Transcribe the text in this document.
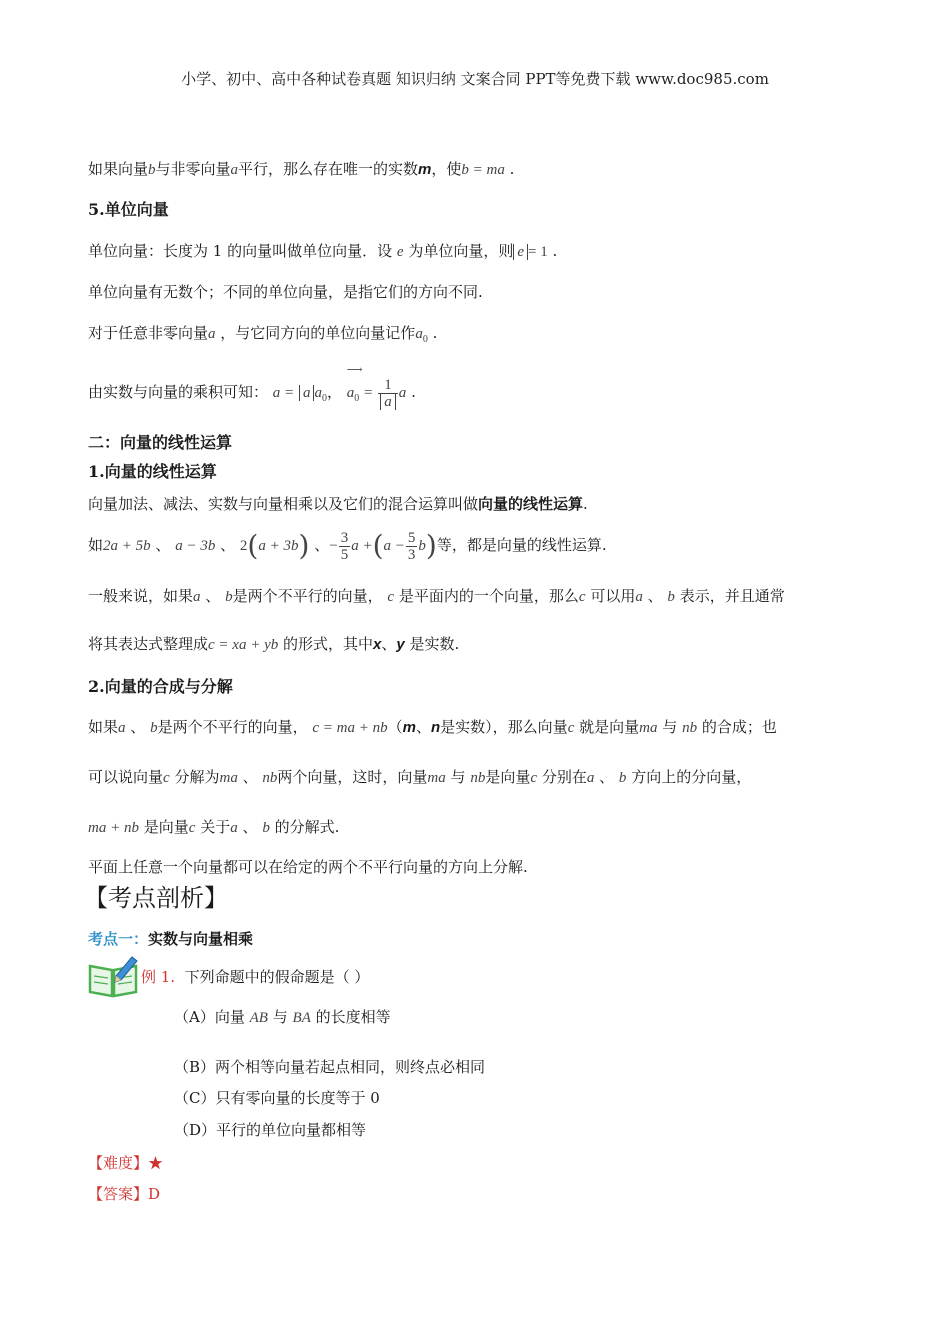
小学、初中、高中各种试卷真题 知识归纳 文案合同 PPT等免费下载 www.doc985.com
如果向量b与非零向量a平行，那么存在唯一的实数m，使b = ma .
5.单位向量
单位向量：长度为 1 的向量叫做单位向量．设 e 为单位向量，则 e = 1 .
单位向量有无数个；不同的单位向量，是指它们的方向不同.
对于任意非零向量a ，与它同方向的单位向量记作$a_0$ .
由实数与向量的乘积可知： a = a $a_0$，
⟶
$a_0 = \frac{1}{a}$ a .
二：向量的线性运算
1.向量的线性运算
向量加法、减法、实数与向量相乘以及它们的混合运算叫做向量的线性运算.
如2a + 5b 、 a − 3b 、 2(a + 3b) 、− $\frac{3}{5}$ $a +(a - \frac{5}{3} b)$等，都是向量的线性运算.
一般来说，如果a 、 b是两个不平行的向量， c 是平面内的一个向量，那么c 可以用a 、 b 表示，并且通常
将其表达式整理成c = xa + yb 的形式，其中x、y 是实数.
2.向量的合成与分解
如果a 、 b是两个不平行的向量， c = ma + nb（m、n是实数），那么向量c 就是向量ma 与 nb 的合成；也
可以说向量c 分解为ma 、 nb两个向量，这时，向量ma 与 nb是向量c 分别在a 、 b 方向上的分向量，
ma + nb 是向量c 关于a 、 b 的分解式.
平面上任意一个向量都可以在给定的两个不平行向量的方向上分解.
【考点剖析】
考点一：实数与向量相乘
例 1. 下列命题中的假命题是（ ）
（A）向量 AB 与 BA 的长度相等
（B）两个相等向量若起点相同，则终点必相同
（C）只有零向量的长度等于 0
（D）平行的单位向量都相等
【难度】★
【答案】D
